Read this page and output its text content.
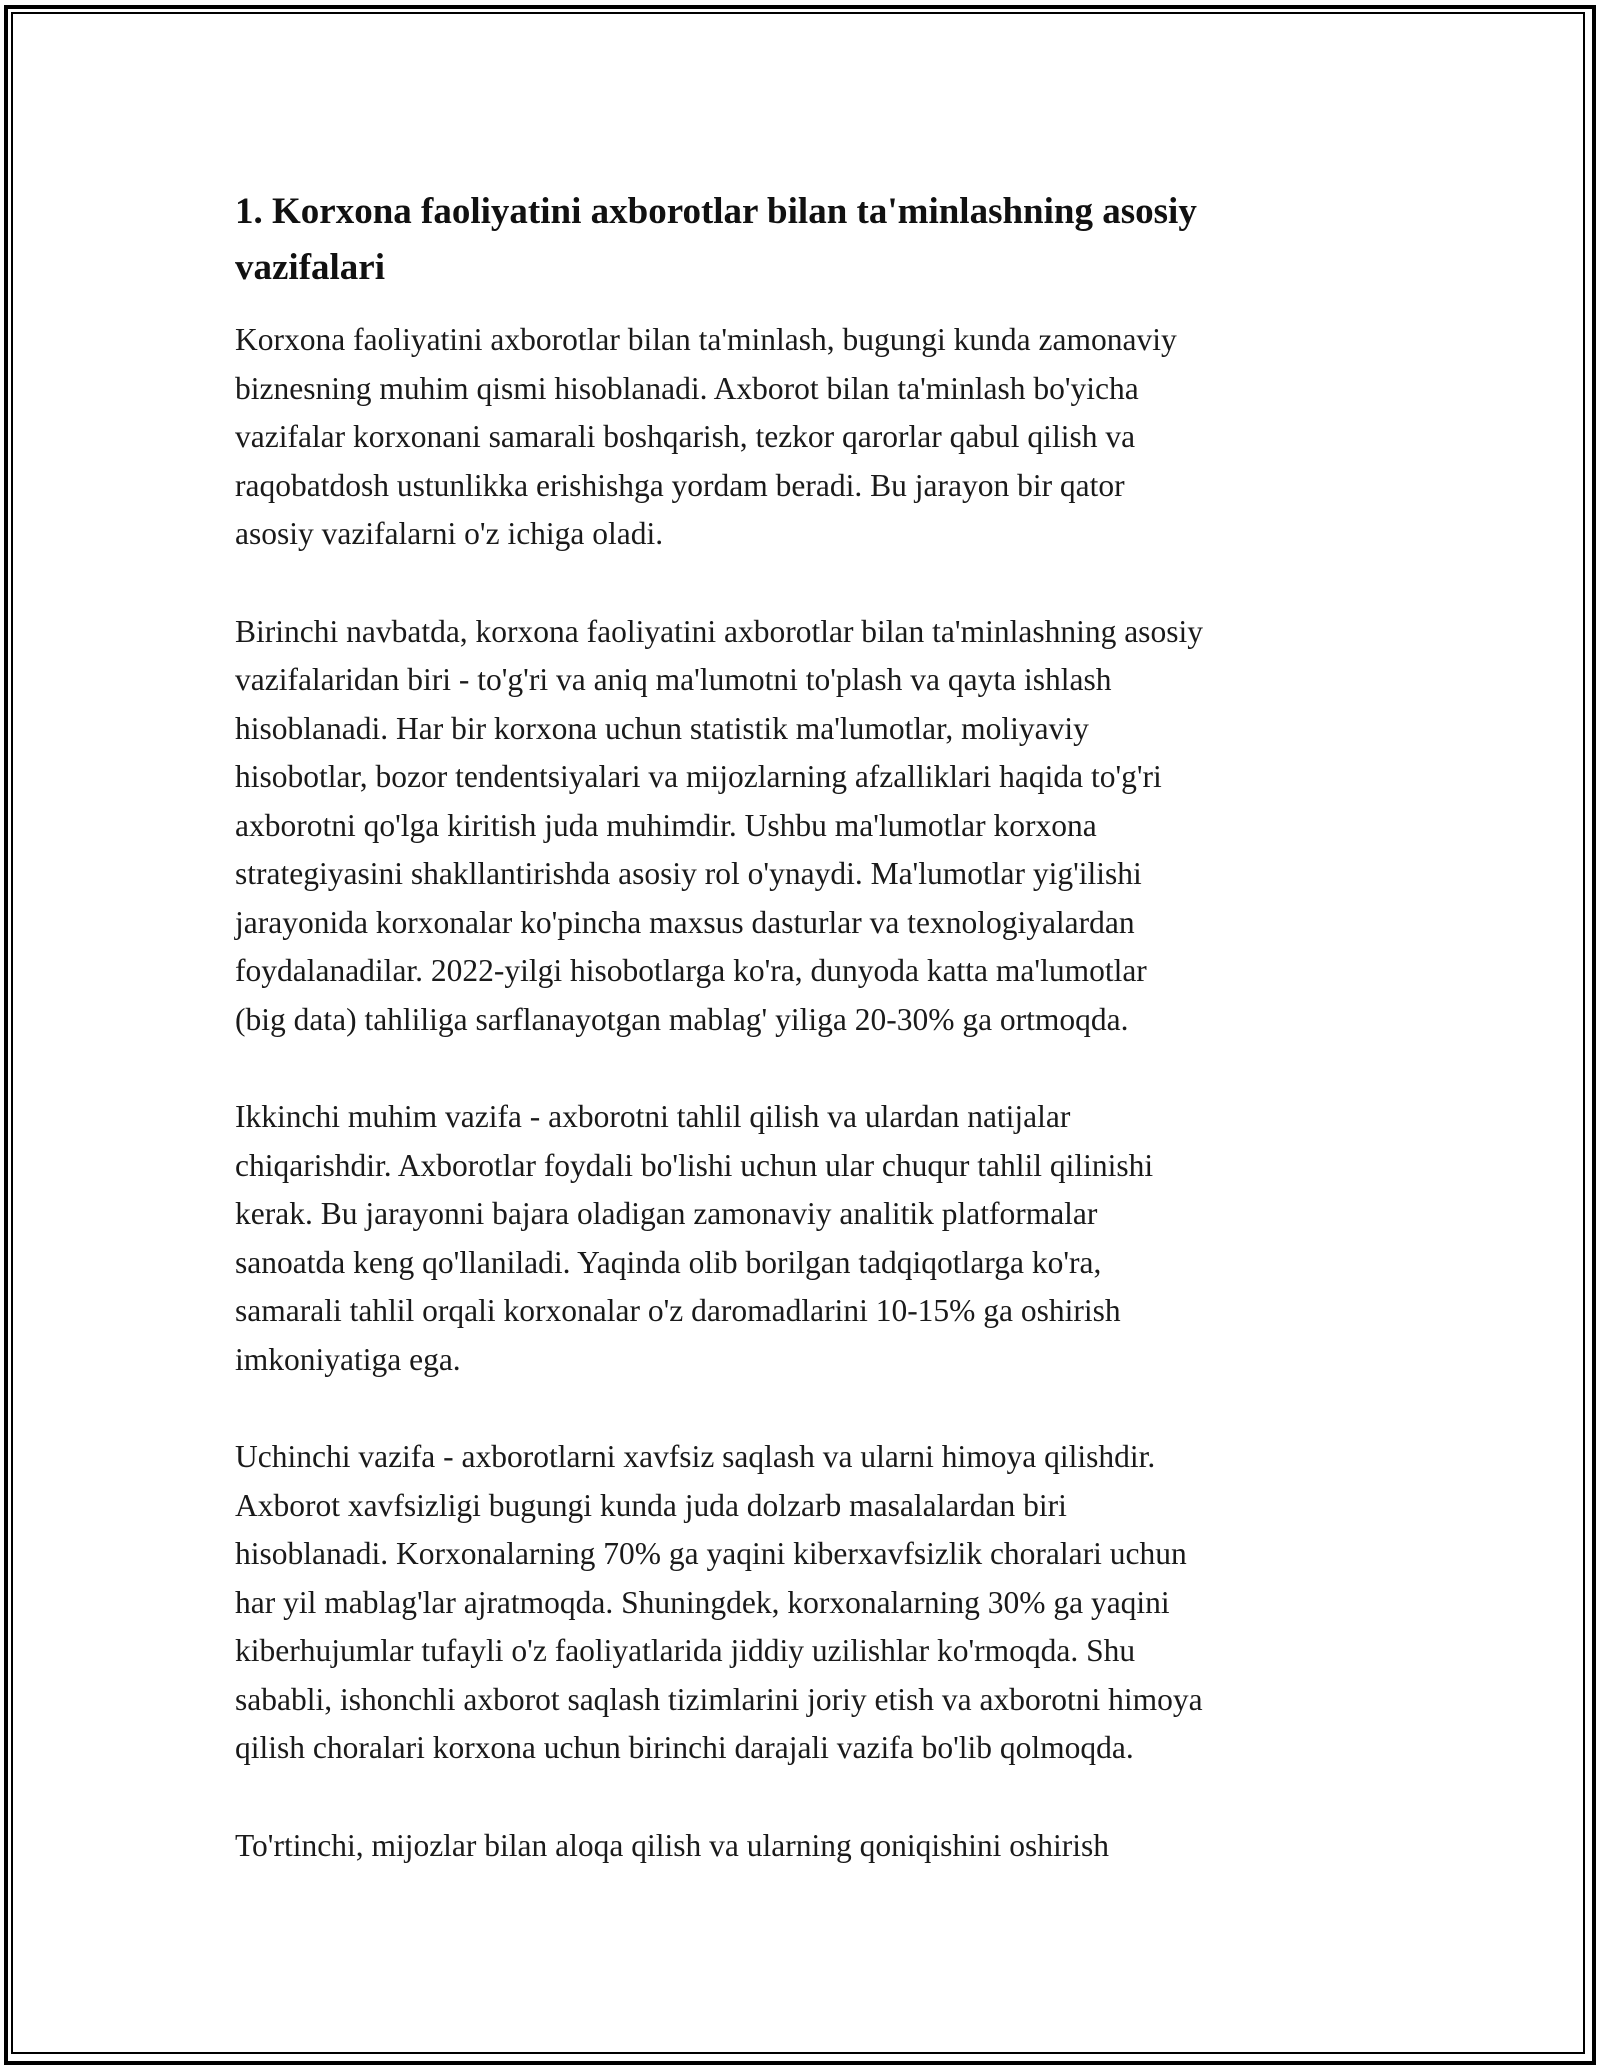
1. Korxona faoliyatini axborotlar bilan ta'minlashning asosiy
vazifalari

Korxona faoliyatini axborotlar bilan ta'minlash, bugungi kunda zamonaviy
biznesning muhim qismi hisoblanadi. Axborot bilan ta'minlash bo'yicha
vazifalar korxonani samarali boshqarish, tezkor qarorlar qabul qilish va
raqobatdosh ustunlikka erishishga yordam beradi. Bu jarayon bir qator
asosiy vazifalarni o'z ichiga oladi.

Birinchi navbatda, korxona faoliyatini axborotlar bilan ta'minlashning asosiy
vazifalaridan biri - to'g'ri va aniq ma'lumotni to'plash va qayta ishlash
hisoblanadi. Har bir korxona uchun statistik ma'lumotlar, moliyaviy
hisobotlar, bozor tendentsiyalari va mijozlarning afzalliklari haqida to'g'ri
axborotni qo'lga kiritish juda muhimdir. Ushbu ma'lumotlar korxona
strategiyasini shakllantirishda asosiy rol o'ynaydi. Ma'lumotlar yig'ilishi
jarayonida korxonalar ko'pincha maxsus dasturlar va texnologiyalardan
foydalanadilar. 2022-yilgi hisobotlarga ko'ra, dunyoda katta ma'lumotlar
(big data) tahliliga sarflanayotgan mablag' yiliga 20-30% ga ortmoqda.

Ikkinchi muhim vazifa - axborotni tahlil qilish va ulardan natijalar
chiqarishdir. Axborotlar foydali bo'lishi uchun ular chuqur tahlil qilinishi
kerak. Bu jarayonni bajara oladigan zamonaviy analitik platformalar
sanoatda keng qo'llaniladi. Yaqinda olib borilgan tadqiqotlarga ko'ra,
samarali tahlil orqali korxonalar o'z daromadlarini 10-15% ga oshirish
imkoniyatiga ega.

Uchinchi vazifa - axborotlarni xavfsiz saqlash va ularni himoya qilishdir.
Axborot xavfsizligi bugungi kunda juda dolzarb masalalardan biri
hisoblanadi. Korxonalarning 70% ga yaqini kiberxavfsizlik choralari uchun
har yil mablag'lar ajratmoqda. Shuningdek, korxonalarning 30% ga yaqini
kiberhujumlar tufayli o'z faoliyatlarida jiddiy uzilishlar ko'rmoqda. Shu
sababli, ishonchli axborot saqlash tizimlarini joriy etish va axborotni himoya
qilish choralari korxona uchun birinchi darajali vazifa bo'lib qolmoqda.

To'rtinchi, mijozlar bilan aloqa qilish va ularning qoniqishini oshirish
